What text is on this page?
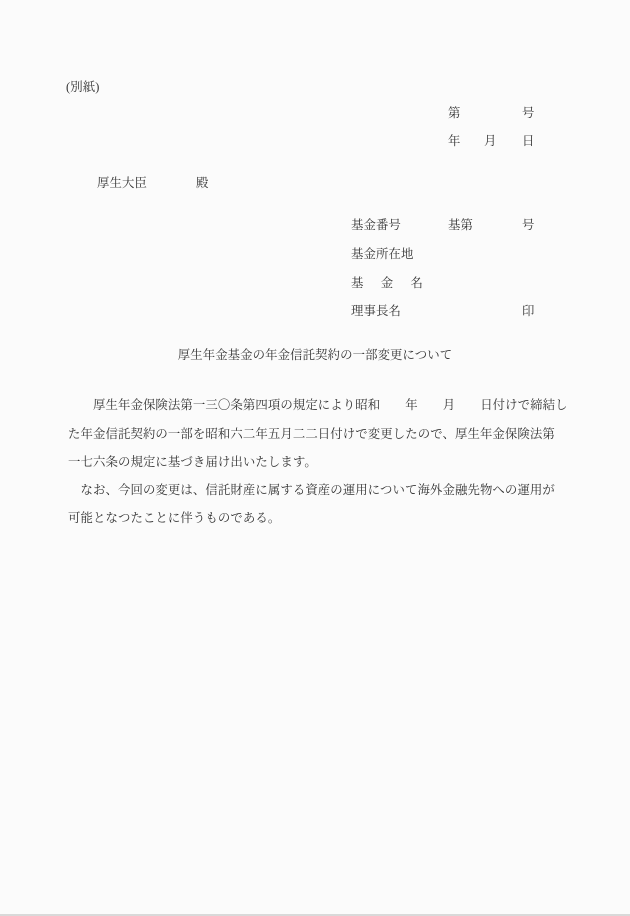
(別紙)
第	号
年 月 日
厚生大臣	殿
基金番号	基第	号
基金所在地
基　金　名
理事長名	印
厚生年金基金の年金信託契約の一部変更について
　　厚生年金保険法第一三〇条第四項の規定により昭和　　年　　月　　日付けで締結し
た年金信託契約の一部を昭和六二年五月二二日付けで変更したので、厚生年金保険法第
一七六条の規定に基づき届け出いたします。
　なお、今回の変更は、信託財産に属する資産の運用について海外金融先物への運用が
可能となつたことに伴うものである。
